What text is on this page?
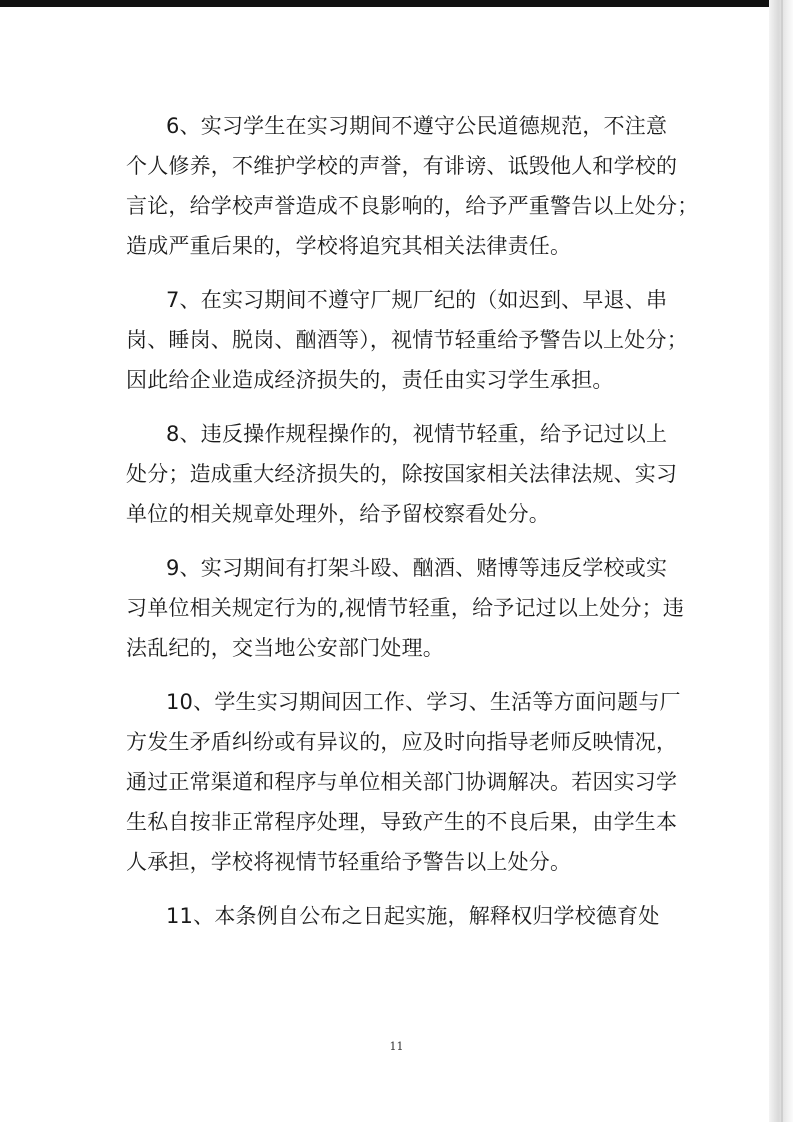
6、实习学生在实习期间不遵守公民道德规范，不注意
个人修养，不维护学校的声誉，有诽谤、诋毁他人和学校的
言论，给学校声誉造成不良影响的，给予严重警告以上处分；
造成严重后果的，学校将追究其相关法律责任。
7、在实习期间不遵守厂规厂纪的（如迟到、早退、串
岗、睡岗、脱岗、酗酒等），视情节轻重给予警告以上处分；
因此给企业造成经济损失的，责任由实习学生承担。
8、违反操作规程操作的，视情节轻重，给予记过以上
处分；造成重大经济损失的，除按国家相关法律法规、实习
单位的相关规章处理外，给予留校察看处分。
9、实习期间有打架斗殴、酗酒、赌博等违反学校或实
习单位相关规定行为的,视情节轻重，给予记过以上处分；违
法乱纪的，交当地公安部门处理。
10、学生实习期间因工作、学习、生活等方面问题与厂
方发生矛盾纠纷或有异议的，应及时向指导老师反映情况，
通过正常渠道和程序与单位相关部门协调解决。若因实习学
生私自按非正常程序处理，导致产生的不良后果，由学生本
人承担，学校将视情节轻重给予警告以上处分。
11、本条例自公布之日起实施，解释权归学校德育处
11
